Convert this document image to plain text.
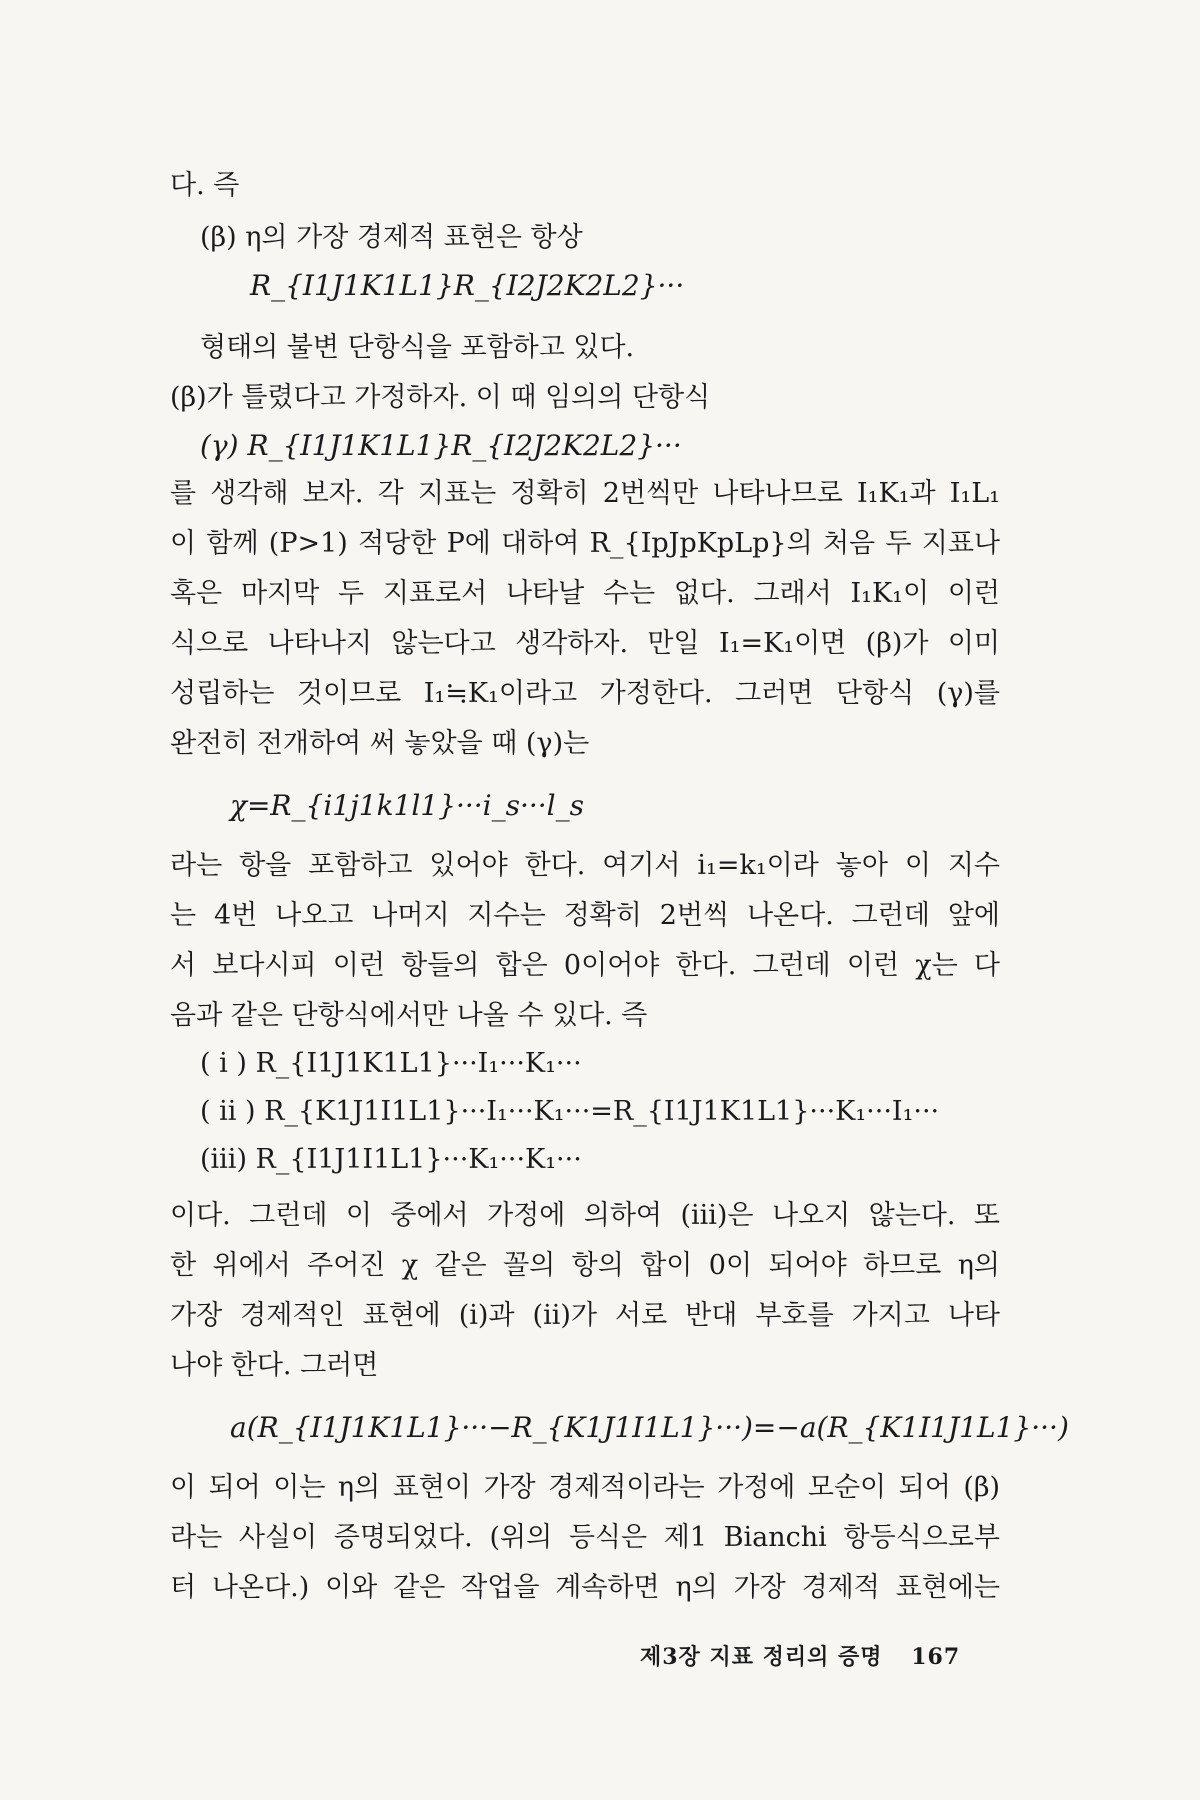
다. 즉
(β) η의 가장 경제적 표현은 항상
R_{I1J1K1L1}R_{I2J2K2L2}···
형태의 불변 단항식을 포함하고 있다.
(β)가 틀렸다고 가정하자. 이 때 임의의 단항식
(γ) R_{I1J1K1L1}R_{I2J2K2L2}···
를 생각해 보자. 각 지표는 정확히 2번씩만 나타나므로 I₁K₁과 I₁L₁
이 함께 (P>1) 적당한 P에 대하여 R_{IpJpKpLp}의 처음 두 지표나
혹은 마지막 두 지표로서 나타날 수는 없다. 그래서 I₁K₁이 이런
식으로 나타나지 않는다고 생각하자. 만일 I₁=K₁이면 (β)가 이미
성립하는 것이므로 I₁≒K₁이라고 가정한다. 그러면 단항식 (γ)를
완전히 전개하여 써 놓았을 때 (γ)는
χ=R_{i1j1k1l1}···i_s···l_s
라는 항을 포함하고 있어야 한다. 여기서 i₁=k₁이라 놓아 이 지수
는 4번 나오고 나머지 지수는 정확히 2번씩 나온다. 그런데 앞에
서 보다시피 이런 항들의 합은 0이어야 한다. 그런데 이런 χ는 다
음과 같은 단항식에서만 나올 수 있다. 즉
( i ) R_{I1J1K1L1}···I₁···K₁···
( ii ) R_{K1J1I1L1}···I₁···K₁···=R_{I1J1K1L1}···K₁···I₁···
(iii) R_{I1J1I1L1}···K₁···K₁···
이다. 그런데 이 중에서 가정에 의하여 (iii)은 나오지 않는다. 또
한 위에서 주어진 χ 같은 꼴의 항의 합이 0이 되어야 하므로 η의
가장 경제적인 표현에 (i)과 (ii)가 서로 반대 부호를 가지고 나타
나야 한다. 그러면
a(R_{I1J1K1L1}···−R_{K1J1I1L1}···)=−a(R_{K1I1J1L1}···)
이 되어 이는 η의 표현이 가장 경제적이라는 가정에 모순이 되어 (β)
라는 사실이 증명되었다. (위의 등식은 제1 Bianchi 항등식으로부
터 나온다.) 이와 같은 작업을 계속하면 η의 가장 경제적 표현에는
제3장 지표 정리의 증명 167
